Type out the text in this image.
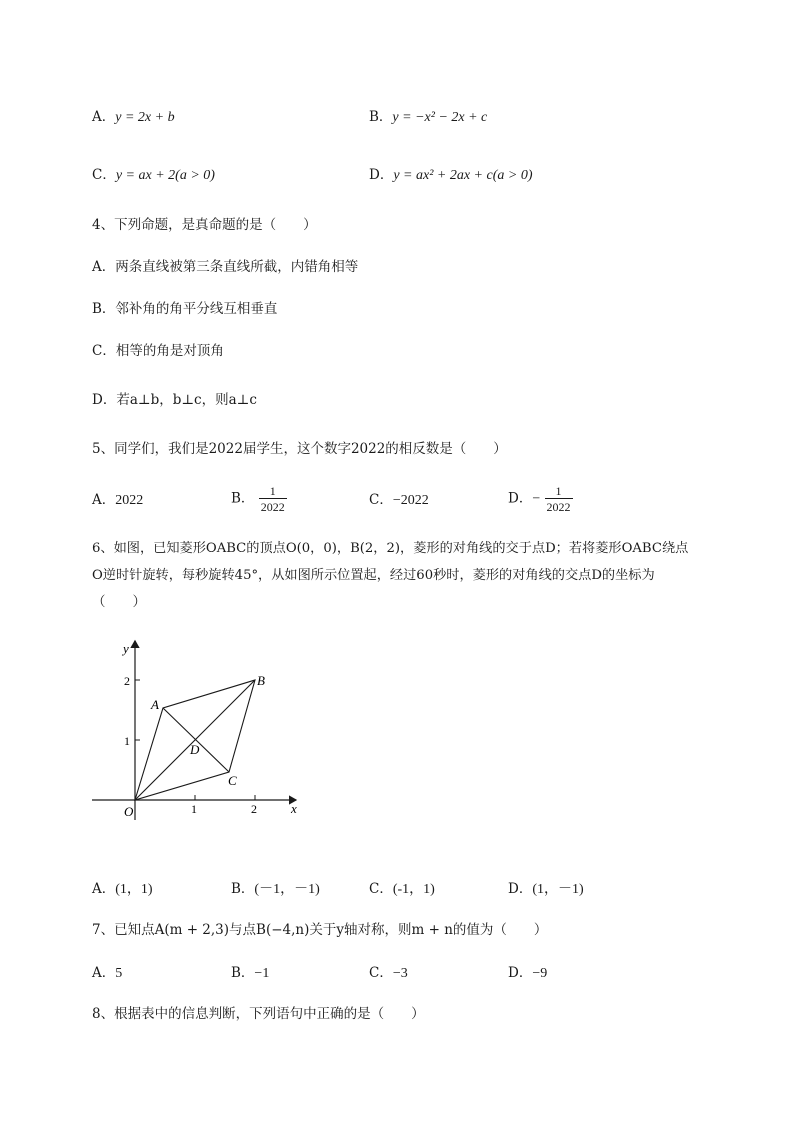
A．y = 2x + b	B．y = −x² − 2x + c
C．y = ax + 2(a > 0)	D．y = ax² + 2ax + c(a > 0)
4、下列命题，是真命题的是（　　）
A．两条直线被第三条直线所截，内错角相等
B．邻补角的角平分线互相垂直
C．相等的角是对顶角
D．若a⊥b，b⊥c，则a⊥c
5、同学们，我们是2022届学生，这个数字2022的相反数是（　　）
A．2022	B． $\frac{1}{2022}$	C．−2022	D．− $\frac{1}{2022}$
6、如图，已知菱形OABC的顶点O(0，0)，B(2，2)，菱形的对角线的交于点D；若将菱形OABC绕点
O逆时针旋转，每秒旋转45°，从如图所示位置起，经过60秒时，菱形的对角线的交点D的坐标为
（　　）
y
x
O	1	2
1
2
A
B
C
D
A．(1，1)	B．(－1，－1)	C．(-1，1)	D．(1，－1)
7、已知点A(m + 2,3)与点B(−4,n)关于y轴对称，则m + n的值为（　　）
A．5	B．−1	C．−3	D．−9
8、根据表中的信息判断，下列语句中正确的是（　　）
